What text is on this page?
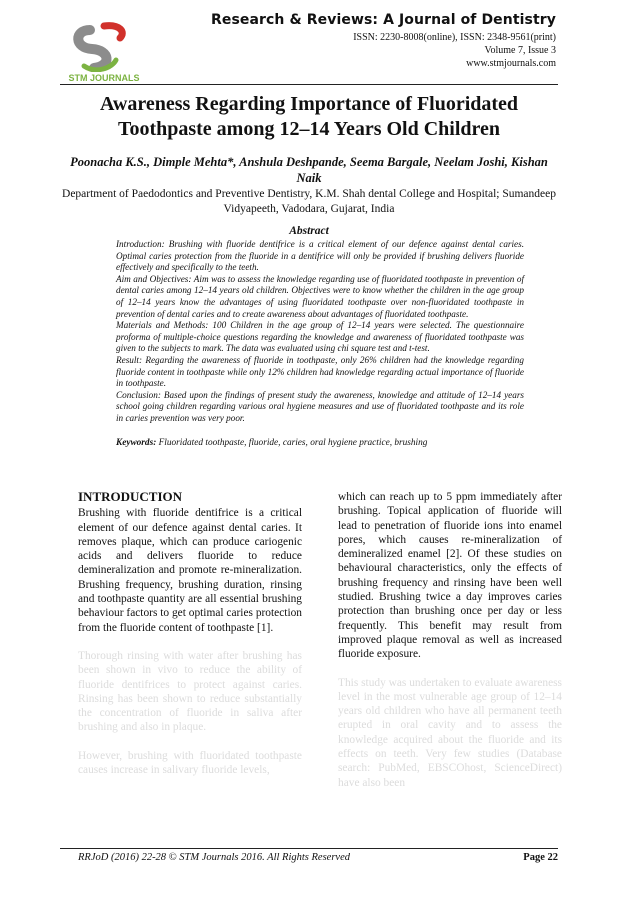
STM JOURNALS
Research & Reviews: A Journal of Dentistry
ISSN: 2230-8008(online), ISSN: 2348-9561(print)
Volume 7, Issue 3
www.stmjournals.com
Awareness Regarding Importance of Fluoridated Toothpaste among 12–14 Years Old Children
Poonacha K.S., Dimple Mehta*, Anshula Deshpande, Seema Bargale, Neelam Joshi, Kishan Naik
Department of Paedodontics and Preventive Dentistry, K.M. Shah dental College and Hospital; Sumandeep Vidyapeeth, Vadodara, Gujarat, India
Abstract

Introduction: Brushing with fluoride dentifrice is a critical element of our defence against dental caries. Optimal caries protection from the fluoride in a dentifrice will only be provided if brushing delivers fluoride effectively and specifically to the teeth.

Aim and Objectives: Aim was to assess the knowledge regarding use of fluoridated toothpaste in prevention of dental caries among 12–14 years old children. Objectives were to know whether the children in the age group of 12–14 years know the advantages of using fluoridated toothpaste over non-fluoridated toothpaste in prevention of dental caries and to create awareness about advantages of fluoridated toothpaste.

Materials and Methods: 100 Children in the age group of 12–14 years were selected. The questionnaire proforma of multiple-choice questions regarding the knowledge and awareness of fluoridated toothpaste was given to the subjects to mark. The data was evaluated using chi square test and t-test.

Result: Regarding the awareness of fluoride in toothpaste, only 26% children had the knowledge regarding fluoride content in toothpaste while only 12% children had knowledge regarding actual importance of fluoride in toothpaste.

Conclusion: Based upon the findings of present study the awareness, knowledge and attitude of 12–14 years school going children regarding various oral hygiene measures and use of fluoridated toothpaste and its role in caries prevention was very poor.

Keywords: Fluoridated toothpaste, fluoride, caries, oral hygiene practice, brushing
INTRODUCTION

Brushing with fluoride dentifrice is a critical element of our defence against dental caries. It removes plaque, which can produce cariogenic acids and delivers fluoride to reduce demineralization and promote re-mineralization. Brushing frequency, brushing duration, rinsing and toothpaste quantity are all essential brushing behaviour factors to get optimal caries protection from the fluoride content of toothpaste [1].

Thorough rinsing with water after brushing has been shown in vivo to reduce the ability of fluoride dentifrices to protect against caries. Rinsing has been shown to reduce substantially the concentration of fluoride in saliva after brushing and also in plaque.

However, brushing with fluoridated toothpaste causes increase in salivary fluoride levels,

which can reach up to 5 ppm immediately after brushing. Topical application of fluoride will lead to penetration of fluoride ions into enamel pores, which causes re-mineralization of demineralized enamel [2]. Of these studies on behavioural characteristics, only the effects of brushing frequency and rinsing have been well studied. Brushing twice a day improves caries protection than brushing once per day or less frequently. This benefit may result from improved plaque removal as well as increased fluoride exposure.

This study was undertaken to evaluate awareness level in the most vulnerable age group of 12–14 years old children who have all permanent teeth erupted in oral cavity and to assess the knowledge acquired about the fluoride and its effects on teeth. Very few studies (Database search: PubMed, EBSCOhost, ScienceDirect) have also been

RRJoD (2016) 22-28 © STM Journals 2016. All Rights Reserved	Page 22
